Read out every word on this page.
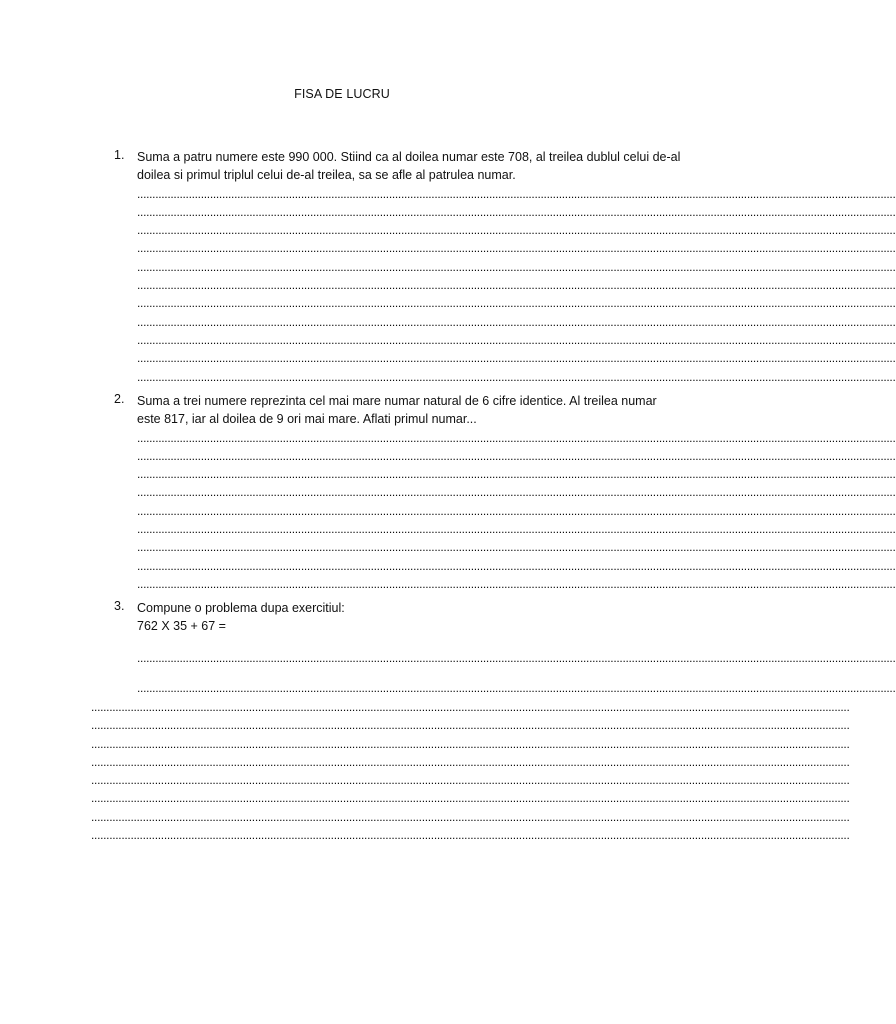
FISA DE LUCRU
1.	Suma a patru numere este 990 000. Stiind ca al doilea numar este 708, al treilea dublul celui de-al doilea si primul triplul celui de-al treilea, sa se afle al patrulea numar.

..........................................................................................................................................................................................................................................................
..........................................................................................................................................................................................................................................................
..........................................................................................................................................................................................................................................................
..........................................................................................................................................................................................................................................................
..........................................................................................................................................................................................................................................................
..........................................................................................................................................................................................................................................................
..........................................................................................................................................................................................................................................................
..........................................................................................................................................................................................................................................................
..........................................................................................................................................................................................................................................................
..........................................................................................................................................................................................................................................................
..........................................................................................................................................................................................................................................................
2.	Suma a trei numere reprezinta cel mai mare numar natural de 6 cifre identice. Al treilea numar este 817, iar al doilea de 9 ori mai mare. Aflati primul numar...

..........................................................................................................................................................................................................................................................
..........................................................................................................................................................................................................................................................
..........................................................................................................................................................................................................................................................
..........................................................................................................................................................................................................................................................
..........................................................................................................................................................................................................................................................
..........................................................................................................................................................................................................................................................
..........................................................................................................................................................................................................................................................
..........................................................................................................................................................................................................................................................
..........................................................................................................................................................................................................................................................
3.	Compune o problema dupa exercitiul:

762 X 35 + 67 =

..........................................................................................................................................................................................................................................................
..........................................................................................................................................................................................................................................................
..........................................................................................................................................................................................................................................................
..........................................................................................................................................................................................................................................................
..........................................................................................................................................................................................................................................................
..........................................................................................................................................................................................................................................................
..........................................................................................................................................................................................................................................................
..........................................................................................................................................................................................................................................................
..........................................................................................................................................................................................................................................................
..........................................................................................................................................................................................................................................................
